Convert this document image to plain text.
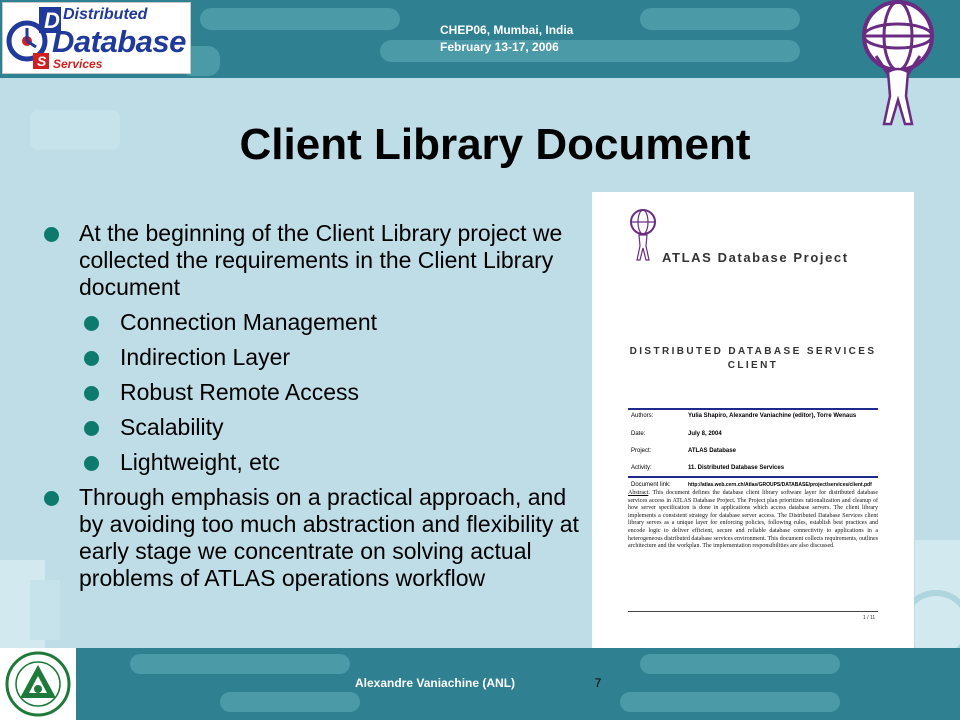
D
S
Distributed
Database
Services
CHEP06, Mumbai, India
February 13-17, 2006
Client Library Document
At the beginning of the Client Library project we collected the requirements in the Client Library document
Connection Management
Indirection Layer
Robust Remote Access
Scalability
Lightweight, etc
Through emphasis on a practical approach, and by avoiding too much abstraction and flexibility at early stage we concentrate on solving actual problems of ATLAS operations workflow
ATLAS Database Project
DISTRIBUTED DATABASE SERVICES
CLIENT
Authors:	Yulia Shapiro, Alexandre Vaniachine (editor), Torre Wenaus
Date:	July 8, 2004
Project:	ATLAS Database
Activity:	11. Distributed Database Services
Document link:	http://atlas.web.cern.ch/Atlas/GROUPS/DATABASE/project/services/client.pdf
Abstract. This document defines the database client library software layer for distributed database services access in ATLAS Database Project. The Project plan prioritizes rationalization and cleanup of how server specification is done in applications which access database servers. The client library implements a consistent strategy for database server access. The Distributed Database Services client library serves as a unique layer for enforcing policies, following rules, establish best practices and encode logic to deliver efficient, secure and reliable database connectivity to applications in a heterogeneous distributed database services environment. This document collects requirements, outlines architecture and the workplan. The implementation responsibilities are also discussed.
1 / 11
Alexandre Vaniachine (ANL)	7
